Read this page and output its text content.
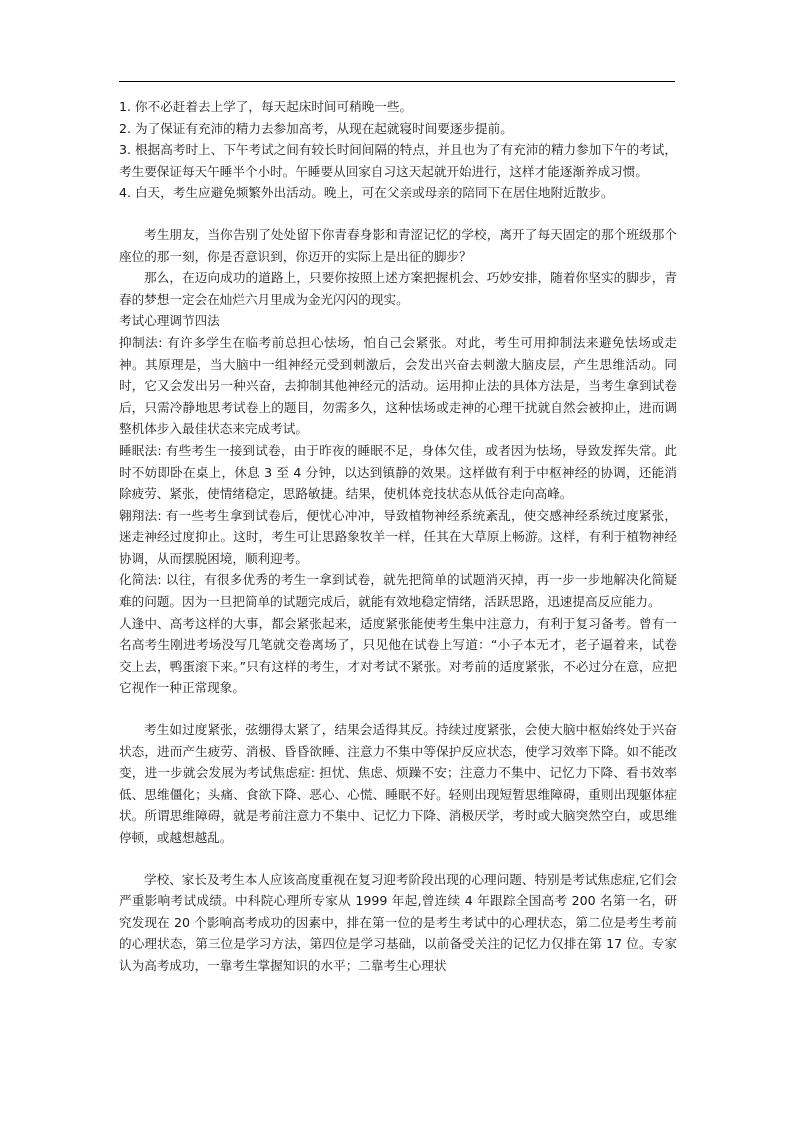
1. 你不必赶着去上学了，每天起床时间可稍晚一些。

2. 为了保证有充沛的精力去参加高考，从现在起就寝时间要逐步提前。

3. 根据高考时上、下午考试之间有较长时间间隔的特点，并且也为了有充沛的精力参加下午的考试，考生要保证每天午睡半个小时。午睡要从回家自习这天起就开始进行，这样才能逐渐养成习惯。

4. 白天，考生应避免频繁外出活动。晚上，可在父亲或母亲的陪同下在居住地附近散步。

考生朋友，当你告别了处处留下你青春身影和青涩记忆的学校，离开了每天固定的那个班级那个座位的那一刻，你是否意识到，你迈开的实际上是出征的脚步？

那么，在迈向成功的道路上，只要你按照上述方案把握机会、巧妙安排，随着你坚实的脚步，青春的梦想一定会在灿烂六月里成为金光闪闪的现实。

考试心理调节四法

抑制法: 有许多学生在临考前总担心怯场，怕自己会紧张。对此，考生可用抑制法来避免怯场或走神。其原理是，当大脑中一组神经元受到刺激后，会发出兴奋去刺激大脑皮层，产生思维活动。同时，它又会发出另一种兴奋，去抑制其他神经元的活动。运用抑止法的具体方法是，当考生拿到试卷后，只需冷静地思考试卷上的题目，勿需多久，这种怯场或走神的心理干扰就自然会被抑止，进而调整机体步入最佳状态来完成考试。

睡眠法: 有些考生一接到试卷，由于昨夜的睡眠不足，身体欠佳，或者因为怯场，导致发挥失常。此时不妨即卧在桌上，休息 3 至 4 分钟，以达到镇静的效果。这样做有利于中枢神经的协调，还能消除疲劳、紧张，使情绪稳定，思路敏捷。结果，使机体竞技状态从低谷走向高峰。

翱翔法: 有一些考生拿到试卷后，便忧心冲冲，导致植物神经系统紊乱，使交感神经系统过度紧张，迷走神经过度抑止。这时，考生可让思路象牧羊一样，任其在大草原上畅游。这样，有利于植物神经协调，从而摆脱困境，顺利迎考。

化简法: 以往，有很多优秀的考生一拿到试卷，就先把简单的试题消灭掉，再一步一步地解决化简疑难的问题。因为一旦把简单的试题完成后，就能有效地稳定情绪，活跃思路，迅速提高反应能力。

人逢中、高考这样的大事，都会紧张起来，适度紧张能使考生集中注意力，有利于复习备考。曾有一名高考生刚进考场没写几笔就交卷离场了，只见他在试卷上写道：“小子本无才，老子逼着来，试卷交上去，鸭蛋滚下来。”只有这样的考生，才对考试不紧张。对考前的适度紧张，不必过分在意，应把它视作一种正常现象。

考生如过度紧张，弦绷得太紧了，结果会适得其反。持续过度紧张，会使大脑中枢始终处于兴奋状态，进而产生疲劳、消极、昏昏欲睡、注意力不集中等保护反应状态，使学习效率下降。如不能改变，进一步就会发展为考试焦虑症: 担忧、焦虑、烦躁不安；注意力不集中、记忆力下降、看书效率低、思维僵化；头痛、食欲下降、恶心、心慌、睡眠不好。轻则出现短暂思维障碍，重则出现躯体症状。所谓思维障碍，就是考前注意力不集中、记忆力下降、消极厌学，考时或大脑突然空白，或思维停顿，或越想越乱。

学校、家长及考生本人应该高度重视在复习迎考阶段出现的心理问题、特别是考试焦虑症,它们会严重影响考试成绩。中科院心理所专家从 1999 年起,曾连续 4 年跟踪全国高考 200 名第一名，研究发现在 20 个影响高考成功的因素中，排在第一位的是考生考试中的心理状态，第二位是考生考前的心理状态，第三位是学习方法，第四位是学习基础，以前备受关注的记忆力仅排在第 17 位。专家认为高考成功，一靠考生掌握知识的水平；二靠考生心理状
